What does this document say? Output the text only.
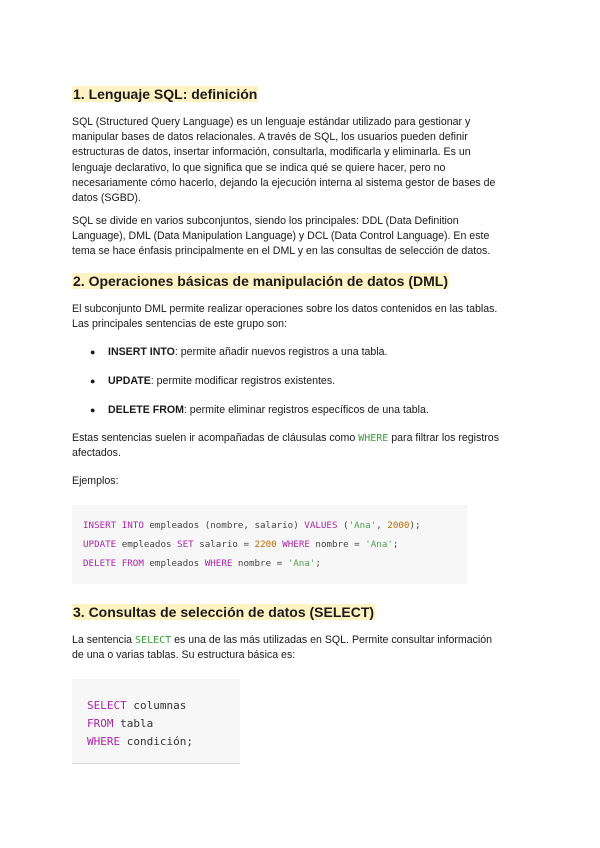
1. Lenguaje SQL: definición

SQL (Structured Query Language) es un lenguaje estándar utilizado para gestionar y
manipular bases de datos relacionales. A través de SQL, los usuarios pueden definir
estructuras de datos, insertar información, consultarla, modificarla y eliminarla. Es un
lenguaje declarativo, lo que significa que se indica qué se quiere hacer, pero no
necesariamente cómo hacerlo, dejando la ejecución interna al sistema gestor de bases de
datos (SGBD).

SQL se divide en varios subconjuntos, siendo los principales: DDL (Data Definition
Language), DML (Data Manipulation Language) y DCL (Data Control Language). En este
tema se hace énfasis principalmente en el DML y en las consultas de selección de datos.

2. Operaciones básicas de manipulación de datos (DML)

El subconjunto DML permite realizar operaciones sobre los datos contenidos en las tablas.
Las principales sentencias de este grupo son:

● INSERT INTO: permite añadir nuevos registros a una tabla.
● UPDATE: permite modificar registros existentes.
● DELETE FROM: permite eliminar registros específicos de una tabla.

Estas sentencias suelen ir acompañadas de cláusulas como WHERE para filtrar los registros
afectados.

Ejemplos:

INSERT INTO empleados (nombre, salario) VALUES ('Ana', 2000);
UPDATE empleados SET salario = 2200 WHERE nombre = 'Ana';
DELETE FROM empleados WHERE nombre = 'Ana';
3. Consultas de selección de datos (SELECT)

La sentencia SELECT es una de las más utilizadas en SQL. Permite consultar información
de una o varias tablas. Su estructura básica es:

SELECT columnas
FROM tabla
WHERE condición;
